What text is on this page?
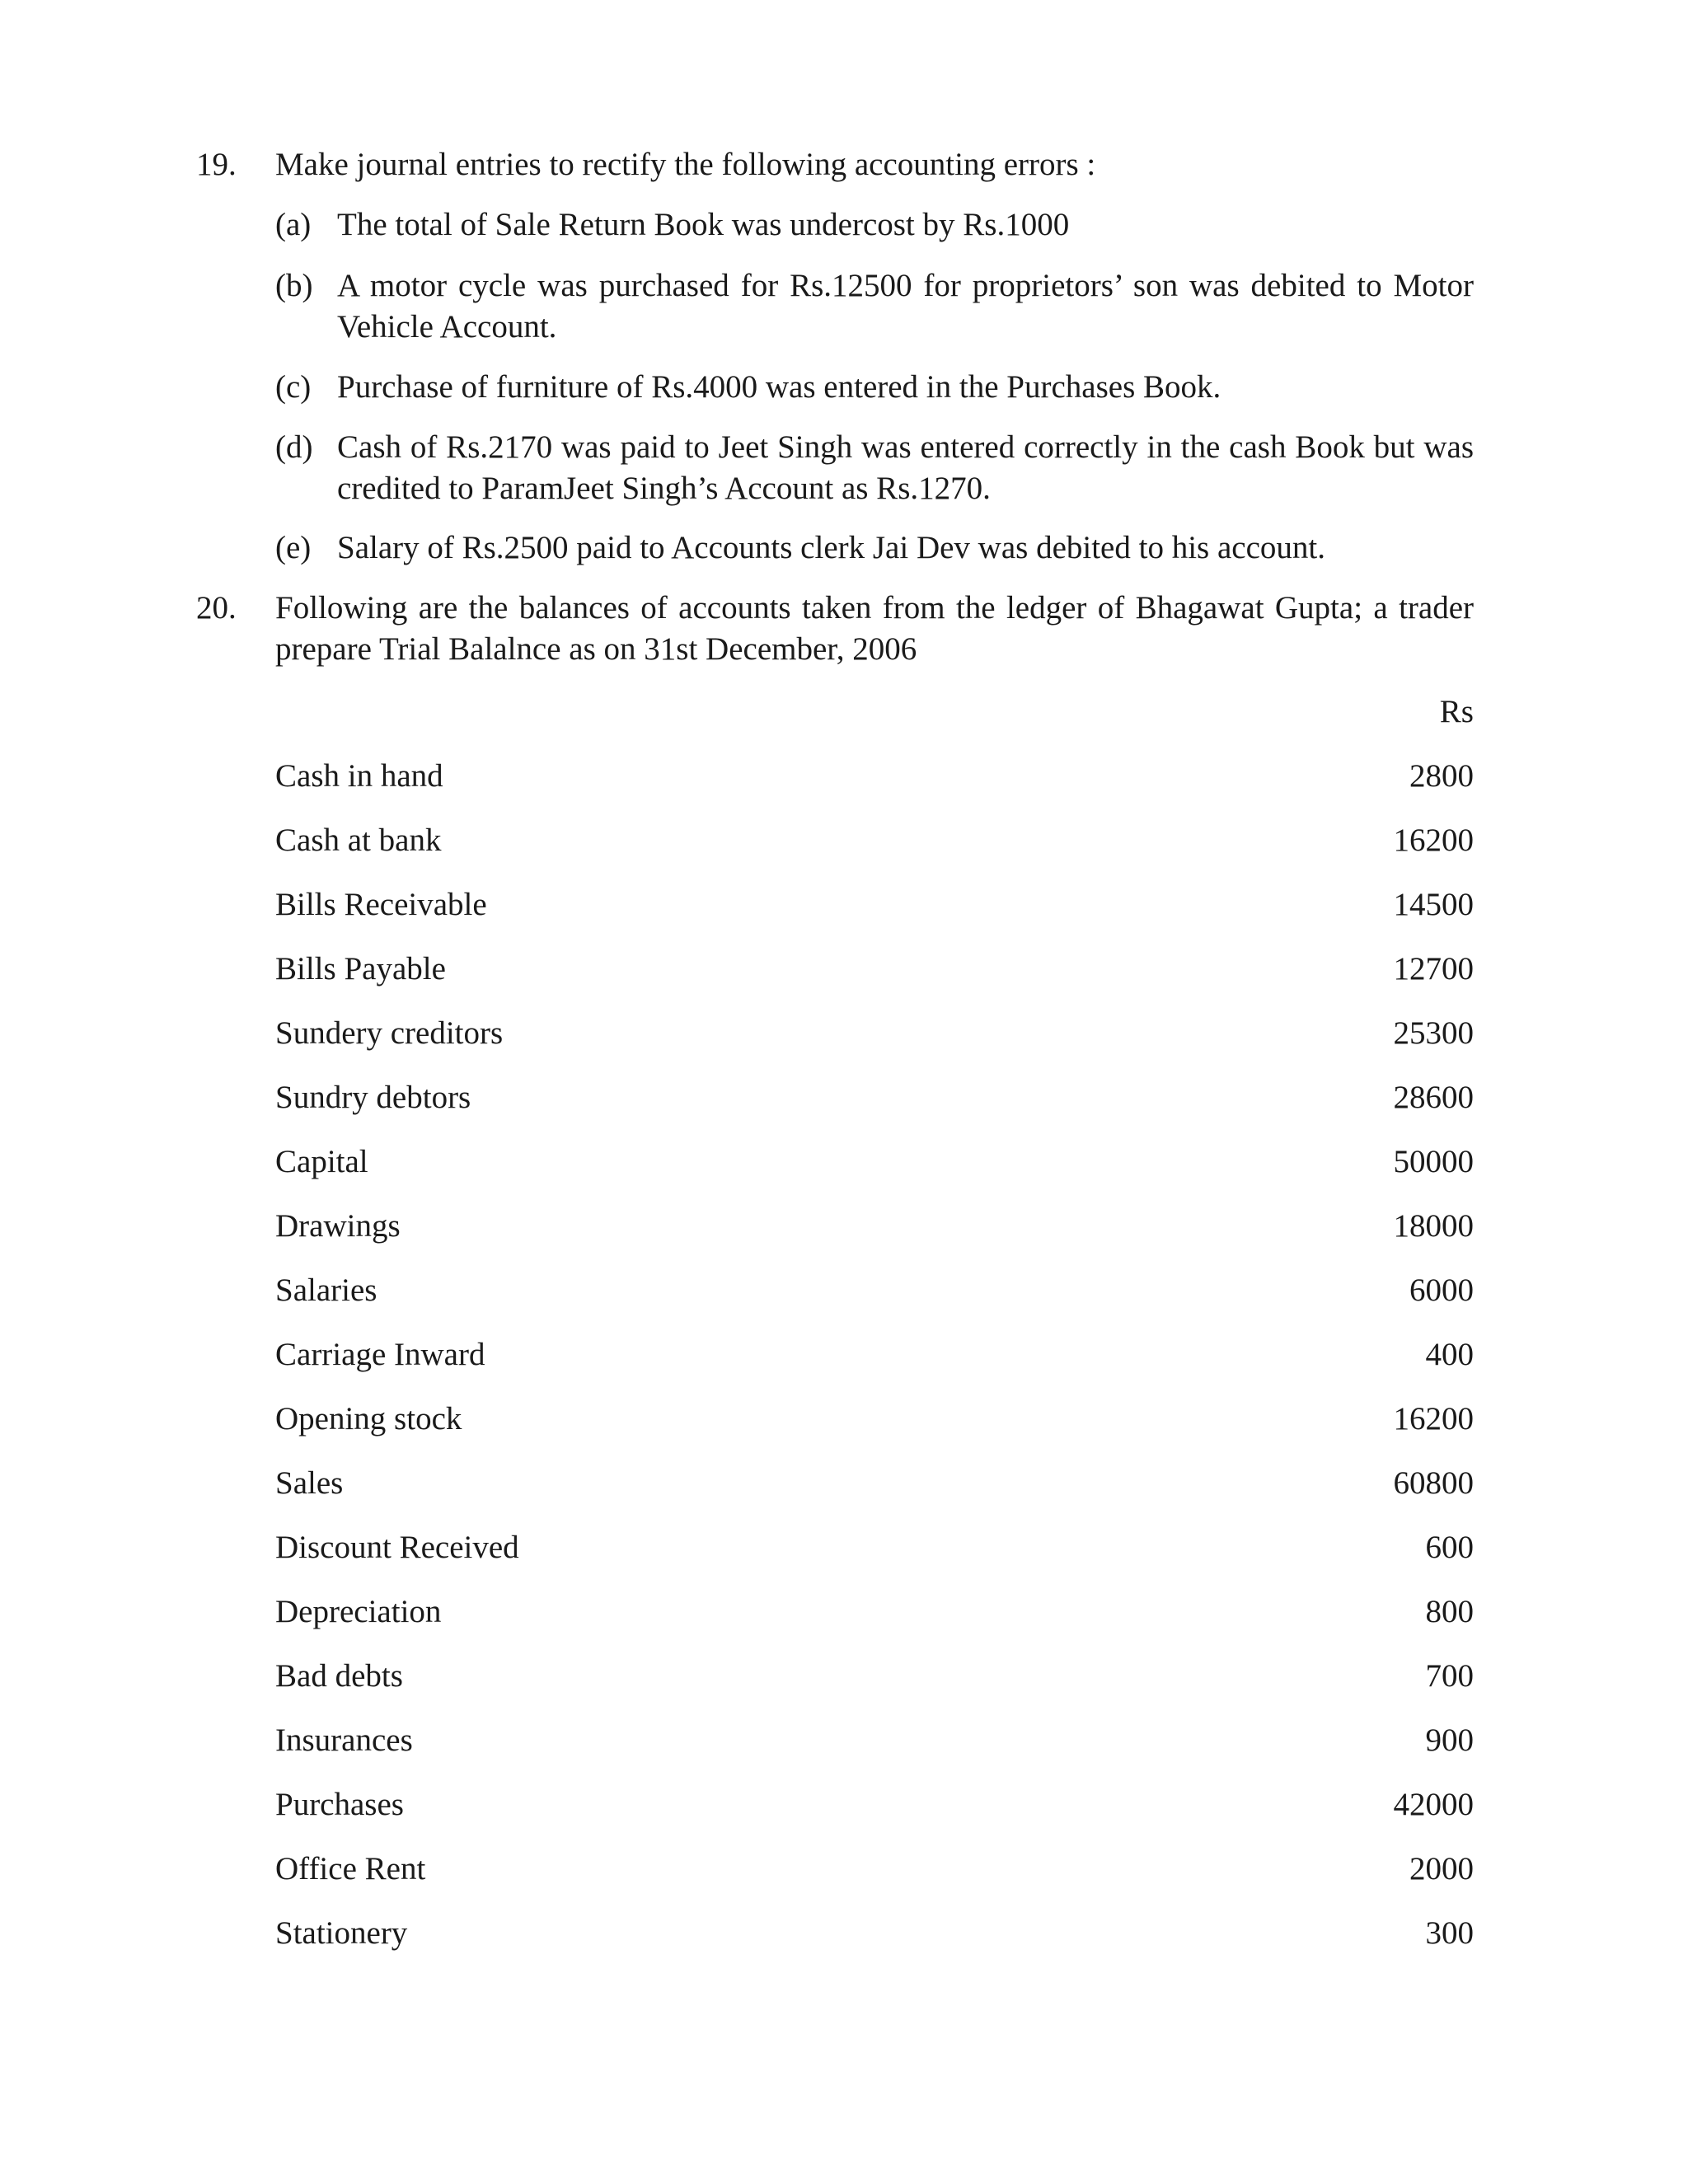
19. Make journal entries to rectify the following accounting errors :
(a) The total of Sale Return Book was undercost by Rs.1000
(b) A motor cycle was purchased for Rs.12500 for proprietors’ son was debited to Motor Vehicle Account.
(c) Purchase of furniture of Rs.4000 was entered in the Purchases Book.
(d) Cash of Rs.2170 was paid to Jeet Singh was entered correctly in the cash Book but was credited to ParamJeet Singh’s Account as Rs.1270.
(e) Salary of Rs.2500 paid to Accounts clerk Jai Dev was debited to his account.
20. Following are the balances of accounts taken from the ledger of Bhagawat Gupta; a trader prepare Trial Balalnce as on 31st December, 2006
Rs
Cash in hand	2800
Cash at bank	16200
Bills Receivable	14500
Bills Payable	12700
Sundery creditors	25300
Sundry debtors	28600
Capital	50000
Drawings	18000
Salaries	6000
Carriage Inward	400
Opening stock	16200
Sales	60800
Discount Received	600
Depreciation	800
Bad debts	700
Insurances	900
Purchases	42000
Office Rent	2000
Stationery	300
